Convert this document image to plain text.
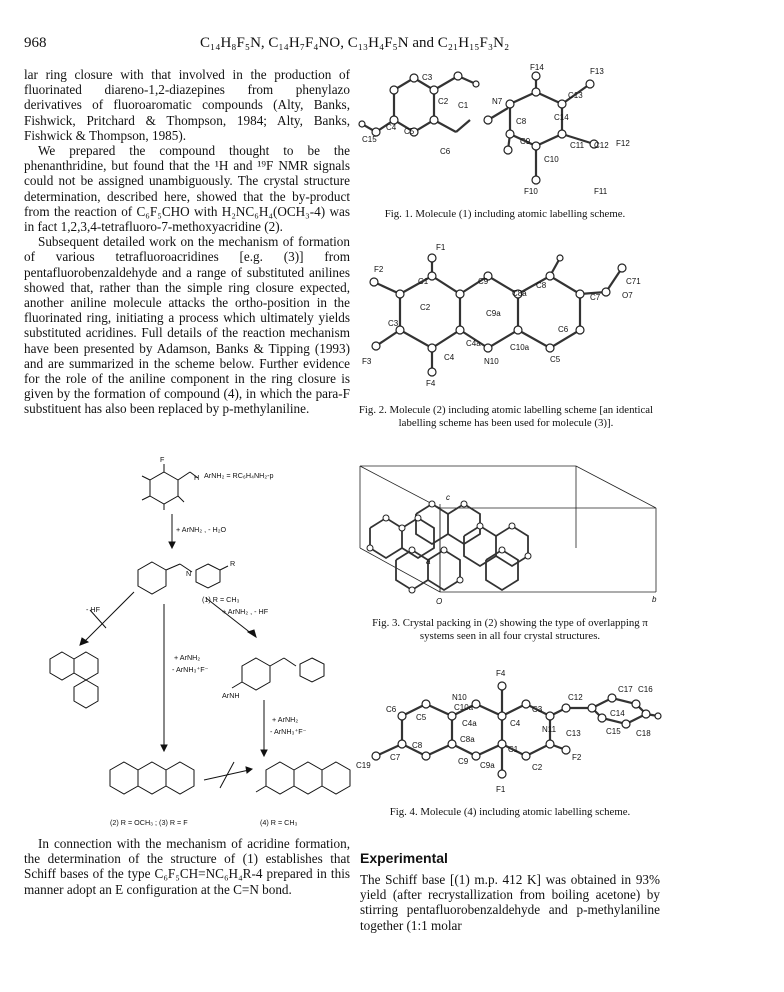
968	C₁₄H₈F₅N, C₁₄H₇F₄NO, C₁₃H₄F₅N and C₂₁H₁₅F₃N₂

lar ring closure with that involved in the production of fluorinated diareno-1,2-diazepines from phenylazo derivatives of fluoroaromatic compounds (Alty, Banks, Fishwick, Pritchard & Thompson, 1984; Alty, Banks, Fishwick & Thompson, 1985).

We prepared the compound thought to be the phenanthridine, but found that the ¹H and ¹⁹F NMR signals could not be assigned unambiguously. The crystal structure determination, described here, showed that the by-product from the reaction of C₆F₅CHO with H₂NC₆H₄(OCH₃-4) was in fact 1,2,3,4-tetrafluoro-7-methoxyacridine (2).

Subsequent detailed work on the mechanism of formation of various tetrafluoroacridines [e.g. (3)] from pentafluorobenzaldehyde and a range of substituted anilines showed that, rather than the simple ring closure expected, another aniline molecule attacks the ortho-position in the fluorinated ring, initiating a process which ultimately yields substituted acridines. Full details of the reaction mechanism have been presented by Adamson, Banks & Tipping (1993) and are summarized in the scheme below. Further evidence for the role of the aniline component in the ring closure is given by the formation of compound (4), in which the para-F substituent has also been replaced by p-methylaniline.

ArNH₂ = RC₆H₄NH₂-p
+ ArNH₂ , - H₂O
H
F
N
R
(1) R = CH₃
- HF	+ ArNH₂ , - HF
+ ArNH₂
- ArNH₃⁺F⁻
ArNH
+ ArNH₂
- ArNH₃⁺F⁻
(2) R = OCH₃ ; (3) R = F	(4) R = CH₃

In connection with the mechanism of acridine formation, the determination of the structure of (1) establishes that Schiff bases of the type C₆F₅CH=NC₆H₄R-4 prepared in this manner adopt an E configuration at the C=N bond.

F14	F13
C3
C13
C2 C1	N7
C14
C15
C4 C5
C8
C9	C11 C12 F12
C6
C10
F10	F11
Fig. 1. Molecule (1) including atomic labelling scheme.
F1
F2
C1	C9	C8	C71
C8a	C7	O7
C2
C9a
C3
C6
C4a	C10a
F3	C4	N10	C5
F4
Fig. 2. Molecule (2) including atomic labelling scheme [an identical labelling scheme has been used for molecule (3)].
c
a
O	b
Fig. 3. Crystal packing in (2) showing the type of overlapping π systems seen in all four crystal structures.
F4
C17 C16
N10	C12
C6	C10a	C3
N11
C14
C5
C4a	C4
C13	C15 C18
C8a
C8	C1
C19
C7
C9a	C2
F2
C9
F1
Fig. 4. Molecule (4) including atomic labelling scheme.
Experimental

The Schiff base [(1) m.p. 412 K] was obtained in 93% yield (after recrystallization from boiling acetone) by stirring pentafluorobenzaldehyde and p-methylaniline together (1:1 molar
